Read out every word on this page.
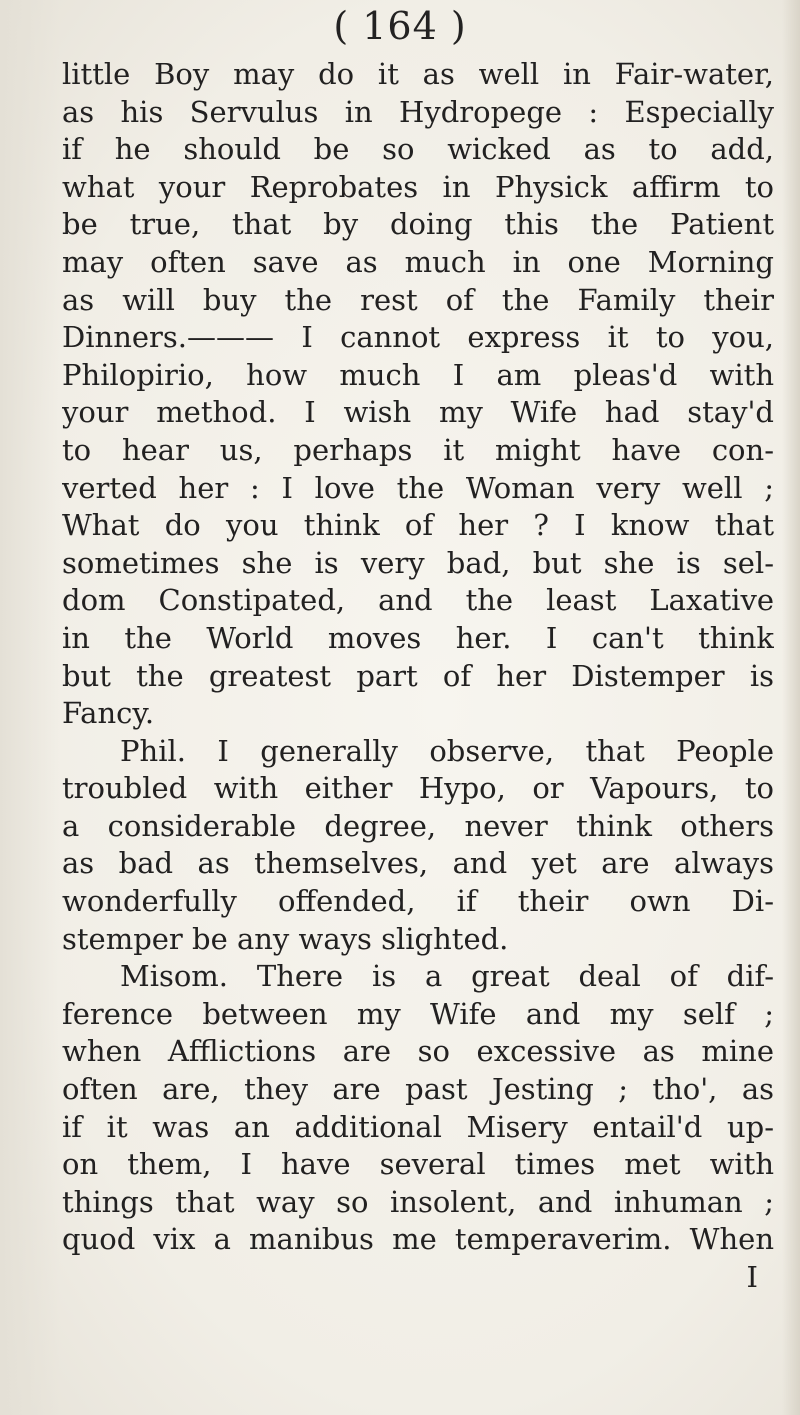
( 164 )
little Boy may do it as well in Fair-water,
as his Servulus in Hydropege : Especially
if he should be so wicked as to add,
what your Reprobates in Physick affirm to
be true, that by doing this the Patient
may often save as much in one Morning
as will buy the rest of the Family their
Dinners.——— I cannot express it to you,
Philopirio, how much I am pleas'd with
your method. I wish my Wife had stay'd
to hear us, perhaps it might have con-
verted her : I love the Woman very well ;
What do you think of her ? I know that
sometimes she is very bad, but she is sel-
dom Constipated, and the least Laxative
in the World moves her. I can't think
but the greatest part of her Distemper is
Fancy.
Phil. I generally observe, that People
troubled with either Hypo, or Vapours, to
a considerable degree, never think others
as bad as themselves, and yet are always
wonderfully offended, if their own Di-
stemper be any ways slighted.
Misom. There is a great deal of dif-
ference between my Wife and my self ;
when Afflictions are so excessive as mine
often are, they are past Jesting ; tho', as
if it was an additional Misery entail'd up-
on them, I have several times met with
things that way so insolent, and inhuman ;
quod vix a manibus me temperaverim. When
I
